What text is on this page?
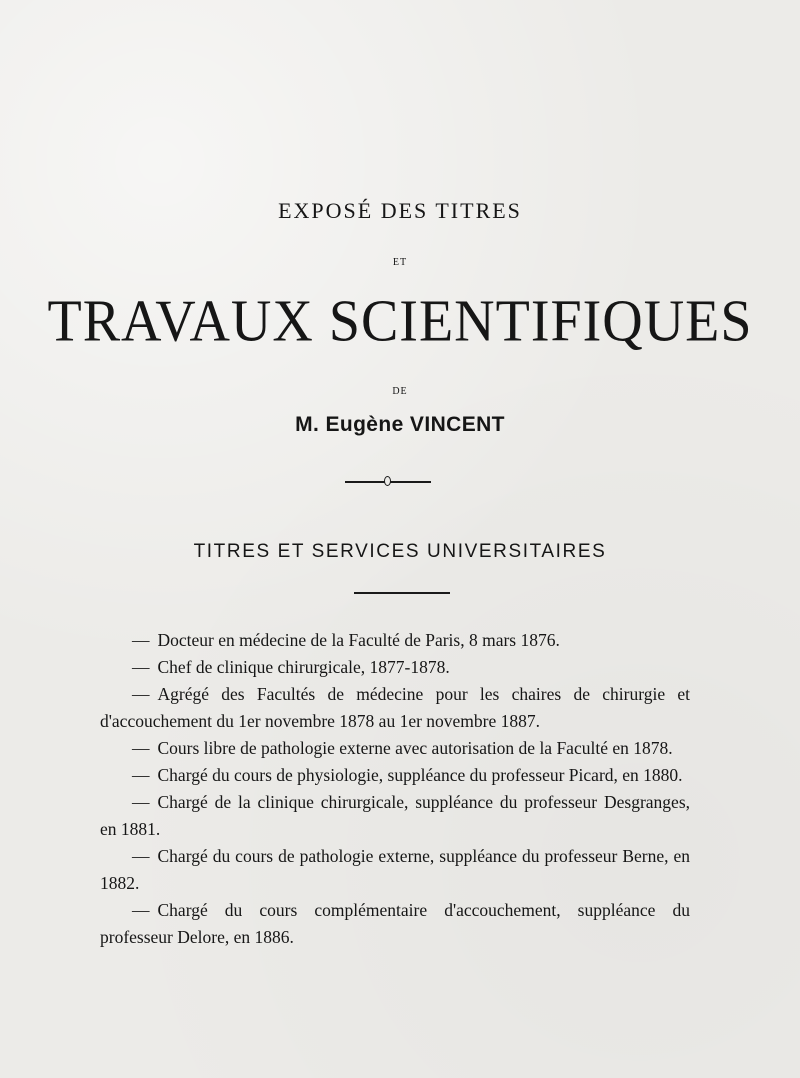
EXPOSÉ DES TITRES
ET
TRAVAUX SCIENTIFIQUES
DE
M. Eugène VINCENT
TITRES ET SERVICES UNIVERSITAIRES

— Docteur en médecine de la Faculté de Paris, 8 mars 1876.

— Chef de clinique chirurgicale, 1877-1878.

— Agrégé des Facultés de médecine pour les chaires de chirurgie et d'accouchement du 1er novembre 1878 au 1er novembre 1887.

— Cours libre de pathologie externe avec autorisation de la Faculté en 1878.

— Chargé du cours de physiologie, suppléance du professeur Picard, en 1880.

— Chargé de la clinique chirurgicale, suppléance du professeur Desgranges, en 1881.

— Chargé du cours de pathologie externe, suppléance du professeur Berne, en 1882.

— Chargé du cours complémentaire d'accouchement, suppléance du professeur Delore, en 1886.
